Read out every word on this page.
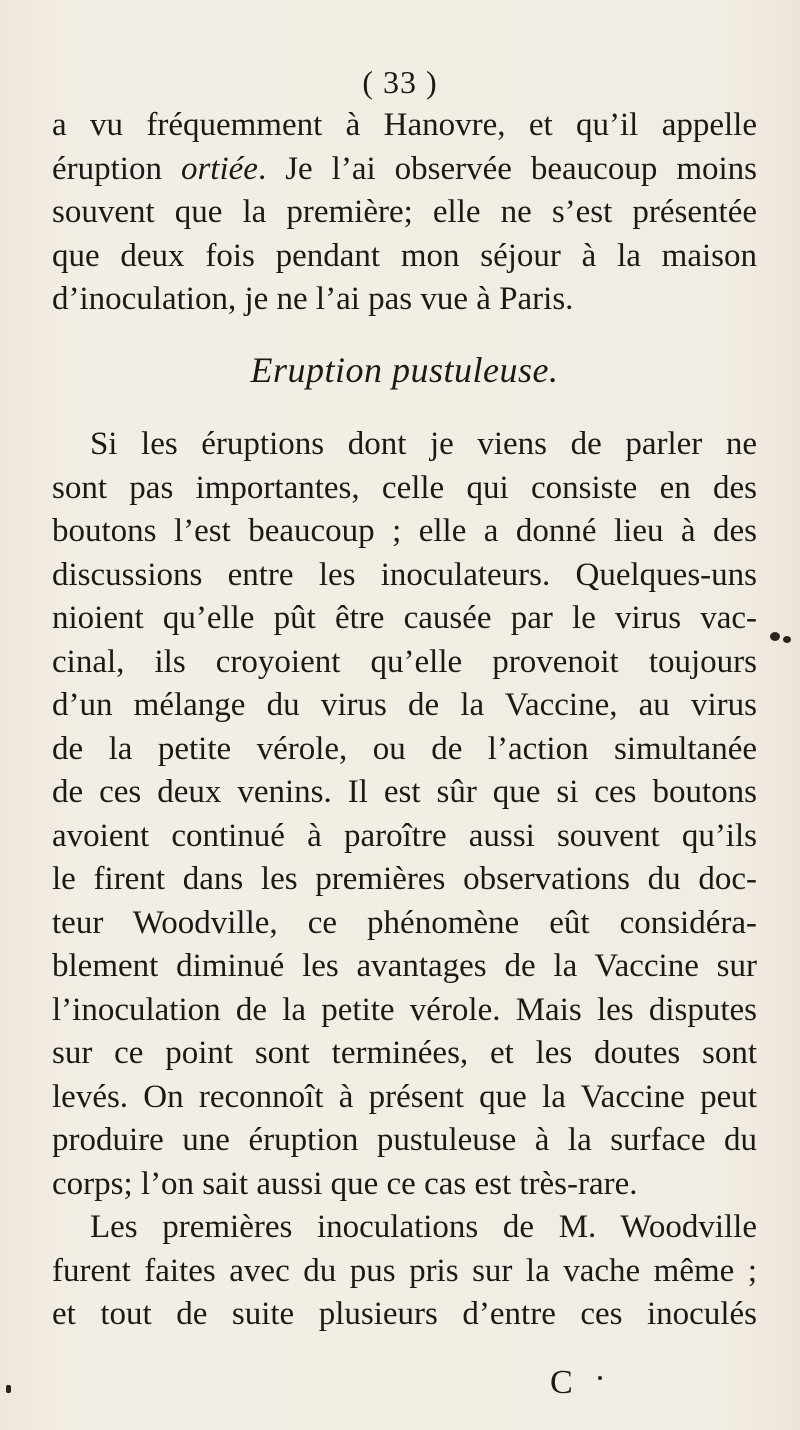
( 33 )
a vu fréquemment à Hanovre, et qu’il appelle
éruption ortiée. Je l’ai observée beaucoup moins
souvent que la première; elle ne s’est présentée
que deux fois pendant mon séjour à la maison
d’inoculation, je ne l’ai pas vue à Paris.
Eruption pustuleuse.
Si les éruptions dont je viens de parler ne
sont pas importantes, celle qui consiste en des
boutons l’est beaucoup ; elle a donné lieu à des
discussions entre les inoculateurs. Quelques-uns
nioient qu’elle pût être causée par le virus vac-
cinal, ils croyoient qu’elle provenoit toujours
d’un mélange du virus de la Vaccine, au virus
de la petite vérole, ou de l’action simultanée
de ces deux venins. Il est sûr que si ces boutons
avoient continué à paroître aussi souvent qu’ils
le firent dans les premières observations du doc-
teur Woodville, ce phénomène eût considéra-
blement diminué les avantages de la Vaccine sur
l’inoculation de la petite vérole. Mais les disputes
sur ce point sont terminées, et les doutes sont
levés. On reconnoît à présent que la Vaccine peut
produire une éruption pustuleuse à la surface du
corps; l’on sait aussi que ce cas est très-rare.
Les premières inoculations de M. Woodville
furent faites avec du pus pris sur la vache même ;
et tout de suite plusieurs d’entre ces inoculés
C
